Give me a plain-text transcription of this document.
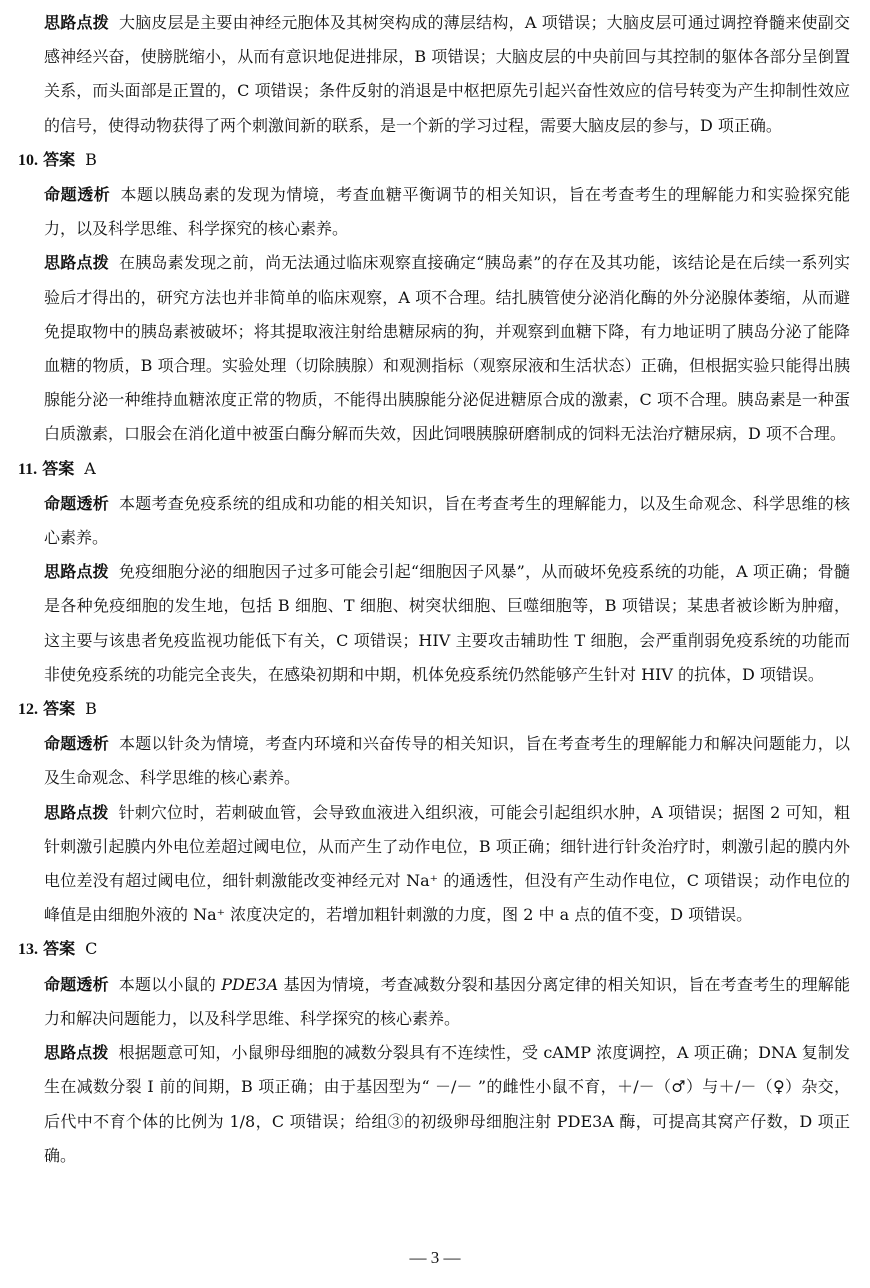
思路点拨 大脑皮层是主要由神经元胞体及其树突构成的薄层结构，A 项错误；大脑皮层可通过调控脊髓来使副交感神经兴奋，使膀胱缩小，从而有意识地促进排尿，B 项错误；大脑皮层的中央前回与其控制的躯体各部分呈倒置关系，而头面部是正置的，C 项错误；条件反射的消退是中枢把原先引起兴奋性效应的信号转变为产生抑制性效应的信号，使得动物获得了两个刺激间新的联系，是一个新的学习过程，需要大脑皮层的参与，D 项正确。

10. 答案 B

命题透析 本题以胰岛素的发现为情境，考查血糖平衡调节的相关知识，旨在考查考生的理解能力和实验探究能力，以及科学思维、科学探究的核心素养。

思路点拨 在胰岛素发现之前，尚无法通过临床观察直接确定“胰岛素”的存在及其功能，该结论是在后续一系列实验后才得出的，研究方法也并非简单的临床观察，A 项不合理。结扎胰管使分泌消化酶的外分泌腺体萎缩，从而避免提取物中的胰岛素被破坏；将其提取液注射给患糖尿病的狗，并观察到血糖下降，有力地证明了胰岛分泌了能降血糖的物质，B 项合理。实验处理（切除胰腺）和观测指标（观察尿液和生活状态）正确，但根据实验只能得出胰腺能分泌一种维持血糖浓度正常的物质，不能得出胰腺能分泌促进糖原合成的激素，C 项不合理。胰岛素是一种蛋白质激素，口服会在消化道中被蛋白酶分解而失效，因此饲喂胰腺研磨制成的饲料无法治疗糖尿病，D 项不合理。

11. 答案 A

命题透析 本题考查免疫系统的组成和功能的相关知识，旨在考查考生的理解能力，以及生命观念、科学思维的核心素养。

思路点拨 免疫细胞分泌的细胞因子过多可能会引起“细胞因子风暴”，从而破坏免疫系统的功能，A 项正确；骨髓是各种免疫细胞的发生地，包括 B 细胞、T 细胞、树突状细胞、巨噬细胞等，B 项错误；某患者被诊断为肿瘤，这主要与该患者免疫监视功能低下有关，C 项错误；HIV 主要攻击辅助性 T 细胞，会严重削弱免疫系统的功能而非使免疫系统的功能完全丧失，在感染初期和中期，机体免疫系统仍然能够产生针对 HIV 的抗体，D 项错误。

12. 答案 B

命题透析 本题以针灸为情境，考查内环境和兴奋传导的相关知识，旨在考查考生的理解能力和解决问题能力，以及生命观念、科学思维的核心素养。

思路点拨 针刺穴位时，若刺破血管，会导致血液进入组织液，可能会引起组织水肿，A 项错误；据图 2 可知，粗针刺激引起膜内外电位差超过阈电位，从而产生了动作电位，B 项正确；细针进行针灸治疗时，刺激引起的膜内外电位差没有超过阈电位，细针刺激能改变神经元对 Na⁺ 的通透性，但没有产生动作电位，C 项错误；动作电位的峰值是由细胞外液的 Na⁺ 浓度决定的，若增加粗针刺激的力度，图 2 中 a 点的值不变，D 项错误。

13. 答案 C

命题透析 本题以小鼠的 PDE3A 基因为情境，考查减数分裂和基因分离定律的相关知识，旨在考查考生的理解能力和解决问题能力，以及科学思维、科学探究的核心素养。

思路点拨 根据题意可知，小鼠卵母细胞的减数分裂具有不连续性，受 cAMP 浓度调控，A 项正确；DNA 复制发生在减数分裂 Ⅰ 前的间期，B 项正确；由于基因型为“ －/－ ”的雌性小鼠不育，＋/－（♂）与＋/－（♀）杂交，后代中不育个体的比例为 1/8，C 项错误；给组③的初级卵母细胞注射 PDE3A 酶，可提高其窝产仔数，D 项正确。

— 3 —
